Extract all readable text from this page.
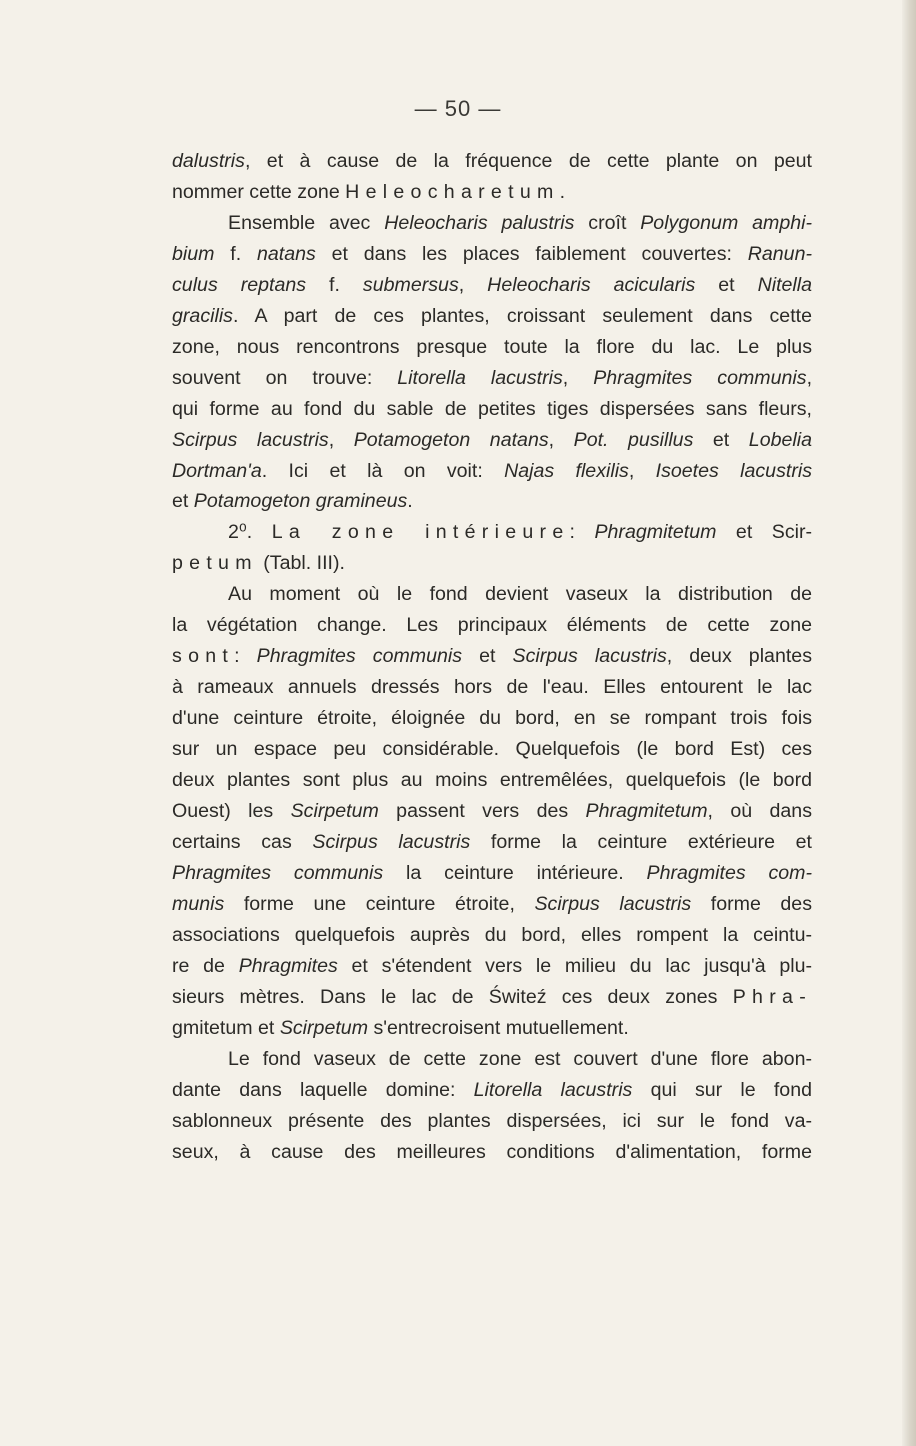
— 50 —

dalustris, et à cause de la fréquence de cette plante on peut
nommer cette zone Heleocharetum.

Ensemble avec Heleocharis palustris croît Polygonum amphi-
bium f. natans et dans les places faiblement couvertes: Ranun-
culus reptans f. submersus, Heleocharis acicularis et Nitella
gracilis. A part de ces plantes, croissant seulement dans cette
zone, nous rencontrons presque toute la flore du lac. Le plus
souvent on trouve: Litorella lacustris, Phragmites communis,
qui forme au fond du sable de petites tiges dispersées sans fleurs,
Scirpus lacustris, Potamogeton natans, Pot. pusillus et Lobelia
Dortman'a. Ici et là on voit: Najas flexilis, Isoetes lacustris
et Potamogeton gramineus.

2⁰. La zone intérieure: Phragmitetum et Scir-
petum (Tabl. III).

Au moment où le fond devient vaseux la distribution de
la végétation change. Les principaux éléments de cette zone
sont: Phragmites communis et Scirpus lacustris, deux plantes
à rameaux annuels dressés hors de l'eau. Elles entourent le lac
d'une ceinture étroite, éloignée du bord, en se rompant trois fois
sur un espace peu considérable. Quelquefois (le bord Est) ces
deux plantes sont plus au moins entremêlées, quelquefois (le bord
Ouest) les Scirpetum passent vers des Phragmitetum, où dans
certains cas Scirpus lacustris forme la ceinture extérieure et
Phragmites communis la ceinture intérieure. Phragmites com-
munis forme une ceinture étroite, Scirpus lacustris forme des
associations quelquefois auprès du bord, elles rompent la ceintu-
re de Phragmites et s'étendent vers le milieu du lac jusqu'à plu-
sieurs mètres. Dans le lac de Świteź ces deux zones Phra-
gmitetum et Scirpetum s'entrecroisent mutuellement.

Le fond vaseux de cette zone est couvert d'une flore abon-
dante dans laquelle domine: Litorella lacustris qui sur le fond
sablonneux présente des plantes dispersées, ici sur le fond va-
seux, à cause des meilleures conditions d'alimentation, forme
